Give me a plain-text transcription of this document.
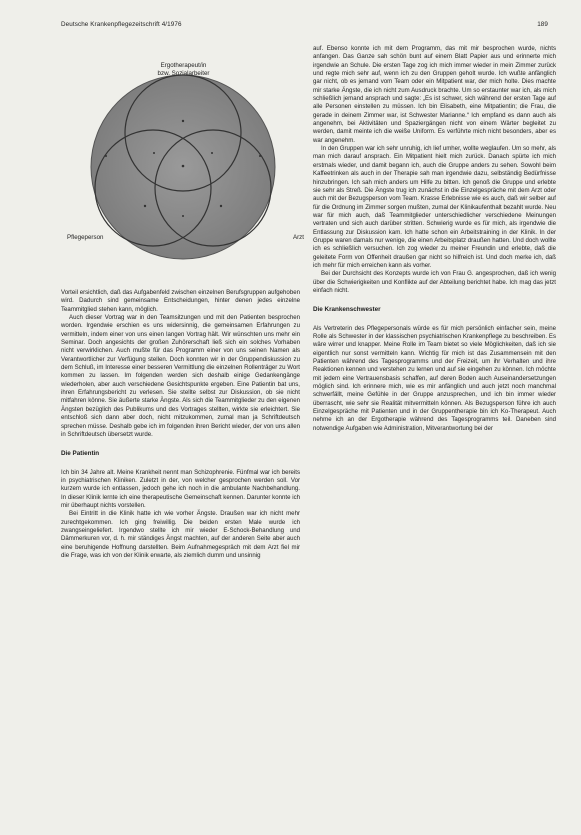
Deutsche Krankenpflegezeitschrift 4/1976	189
Ergotherapeut/in
bzw. Sozialarbeiter
Pflegeperson	Arzt

Vorteil ersichtlich, daß das Aufgabenfeld zwischen einzelnen Berufsgruppen aufgehoben wird. Dadurch sind gemeinsame Entscheidungen, hinter denen jedes einzelne Teammitglied stehen kann, möglich.

Auch dieser Vortrag war in den Teamsitzungen und mit den Patienten besprochen worden. Irgendwie erschien es uns widersinnig, die gemeinsamen Erfahrungen zu vermitteln, indem einer von uns einen langen Vortrag hält. Wir wünschten uns mehr ein Seminar. Doch angesichts der großen Zuhörerschaft ließ sich ein solches Vorhaben nicht verwirklichen. Auch mußte für das Programm einer von uns seinen Namen als Verantwortlicher zur Verfügung stellen. Doch konnten wir in der Gruppendiskussion zu dem Schluß, im Interesse einer besseren Vermittlung die einzelnen Rollenträger zu Wort kommen zu lassen. Im folgenden werden sich deshalb einige Gedankengänge wiederholen, aber auch verschiedene Gesichtspunkte ergeben. Eine Patientin bat uns, ihren Erfahrungsbericht zu verlesen. Sie stellte selbst zur Diskussion, ob sie nicht mitfahren könne. Sie äußerte starke Ängste. Als sich die Teammitglieder zu den eigenen Ängsten bezüglich des Publikums und des Vortrages stellten, wirkte sie erleichtert. Sie entschloß sich dann aber doch, nicht mitzukommen, zumal man ja Schriftdeutsch sprechen müsse. Deshalb gebe ich im folgenden ihren Bericht wieder, der von uns allen in Schriftdeutsch übersetzt wurde.

Die Patientin

Ich bin 34 Jahre alt. Meine Krankheit nennt man Schizophrenie. Fünfmal war ich bereits in psychiatrischen Kliniken. Zuletzt in der, von welcher gesprochen werden soll. Vor kurzem wurde ich entlassen, jedoch gehe ich noch in die ambulante Nachbehandlung. In dieser Klinik lernte ich eine therapeutische Gemeinschaft kennen. Darunter konnte ich mir überhaupt nichts vorstellen.

Bei Eintritt in die Klinik hatte ich wie vorher Ängste. Draußen war ich nicht mehr zurechtgekommen. Ich ging freiwillig. Die beiden ersten Male wurde ich zwangseingeliefert. Irgendwo stellte ich mir wieder E-Schock-Behandlung und Dämmerkuren vor, d. h. mir ständiges Ängst machten, auf der anderen Seite aber auch eine beruhigende Hoffnung darstellten. Beim Aufnahmegespräch mit dem Arzt fiel mir die Frage, was ich von der Klinik erwarte, als ziemlich dumm und unsinnig

auf. Ebenso konnte ich mit dem Programm, das mit mir besprochen wurde, nichts anfangen. Das Ganze sah schön bunt auf einem Blatt Papier aus und erinnerte mich irgendwie an Schule. Die ersten Tage zog ich mich immer wieder in mein Zimmer zurück und regte mich sehr auf, wenn ich zu den Gruppen geholt wurde. Ich wußte anfänglich gar nicht, ob es jemand vom Team oder ein Mitpatient war, der mich holte. Dies machte mir starke Ängste, die ich nicht zum Ausdruck brachte. Um so erstaunter war ich, als mich schließlich jemand ansprach und sagte: „Es ist schwer, sich während der ersten Tage auf alle Personen einstellen zu müssen. Ich bin Elisabeth, eine Mitpatientin; die Frau, die gerade in deinem Zimmer war, ist Schwester Marianne.“ Ich empfand es dann auch als angenehm, bei Aktivitäten und Spaziergängen nicht von einem Wärter begleitet zu werden, damit meinte ich die weiße Uniform. Es verführte mich nicht besonders, aber es war angenehm.

In den Gruppen war ich sehr unruhig, ich lief umher, wollte weglaufen. Um so mehr, als man mich darauf ansprach. Ein Mitpatient hielt mich zurück. Danach spürte ich mich erstmals wieder, und damit begann ich, auch die Gruppe anders zu sehen. Sowohl beim Kaffeetrinken als auch in der Therapie sah man irgendwie dazu, selbständig Bedürfnisse hinzubringen. Ich sah mich anders um Hilfe zu bitten. Ich genoß die Gruppe und erlebte sie sehr als Streß. Die Ängste trug ich zunächst in die Einzelgespräche mit dem Arzt oder auch mit der Bezugsperson vom Team. Krasse Erlebnisse wie es auch, daß wir selber auf für die Ordnung im Zimmer sorgen mußten, zumal der Klinikaufenthalt bezahlt wurde. Neu war für mich auch, daß Teammitglieder unterschiedlicher verschiedene Meinungen vertraten und sich auch darüber stritten. Schwierig wurde es für mich, als irgendwie die Entlassung zur Diskussion kam. Ich hatte schon ein Arbeitstraining in der Klinik. In der Gruppe waren damals nur wenige, die einen Arbeitsplatz draußen hatten. Und doch wollte ich es schließlich versuchen. Ich zog wieder zu meiner Freundin und erlebte, daß die geleitete Form von Offenheit draußen gar nicht so hilfreich ist. Und doch merke ich, daß ich mehr für mich erreichen kann als vorher.

Bei der Durchsicht des Konzepts wurde ich von Frau G. angesprochen, daß ich wenig über die Schwierigkeiten und Konflikte auf der Abteilung berichtet habe. Ich mag das jetzt einfach nicht.

Die Krankenschwester

Als Vertreterin des Pflegepersonals würde es für mich persönlich einfacher sein, meine Rolle als Schwester in der klassischen psychiatrischen Krankenpflege zu beschreiben. Es wäre wirrer und knapper. Meine Rolle im Team bietet so viele Möglichkeiten, daß ich sie eigentlich nur sonst vermitteln kann. Wichtig für mich ist das Zusammensein mit den Patienten während des Tagesprogramms und der Freizeit, um ihr Verhalten und ihre Reaktionen kennen und verstehen zu lernen und auf sie eingehen zu können. Ich möchte mit jedem eine Vertrauensbasis schaffen, auf deren Boden auch Auseinandersetzungen möglich sind. Ich erinnere mich, wie es mir anfänglich und auch jetzt noch manchmal schwerfällt, meine Gefühle in der Gruppe anzusprechen, und ich bin immer wieder überrascht, wie sehr sie Realität mitvermitteln können. Als Bezugsperson führe ich auch Einzelgespräche mit Patienten und in der Gruppentherapie bin ich Ko-Therapeut. Auch nehme ich an der Ergotherapie während des Tagesprogramms teil. Daneben sind notwendige Aufgaben wie Administration, Mitverantwortung bei der
